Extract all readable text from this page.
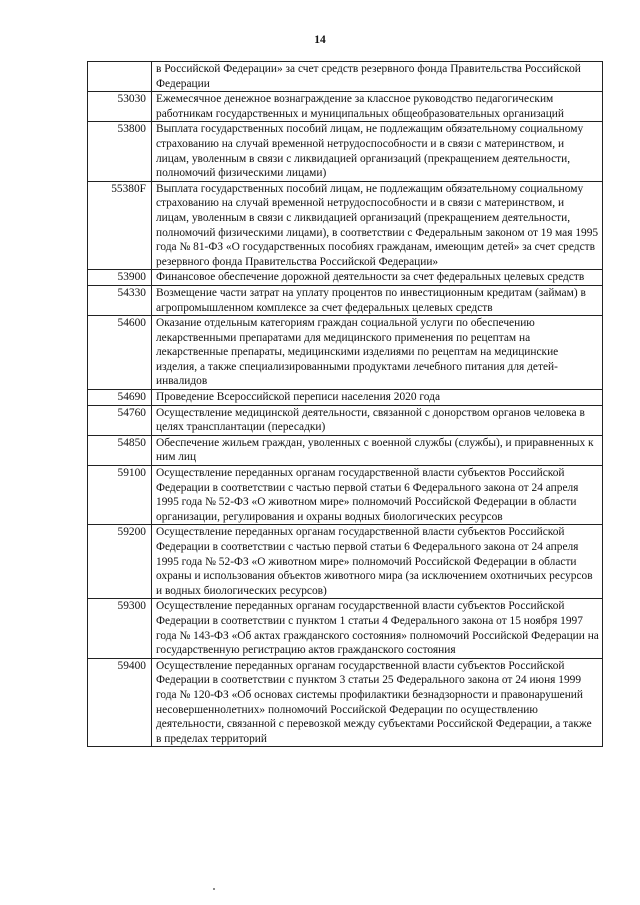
14
	в Российской Федерации» за счет средств резервного фонда Правительства Российской Федерации
53030	Ежемесячное денежное вознаграждение за классное руководство педагогическим работникам государственных и муниципальных общеобразовательных организаций
53800	Выплата государственных пособий лицам, не подлежащим обязательному социальному страхованию на случай временной нетрудоспособности и в связи с материнством, и лицам, уволенным в связи с ликвидацией организаций (прекращением деятельности, полномочий физическими лицами)
55380F	Выплата государственных пособий лицам, не подлежащим обязательному социальному страхованию на случай временной нетрудоспособности и в связи с материнством, и лицам, уволенным в связи с ликвидацией организаций (прекращением деятельности, полномочий физическими лицами), в соответствии с Федеральным законом от 19 мая 1995 года № 81-ФЗ «О государственных пособиях гражданам, имеющим детей» за счет средств резервного фонда Правительства Российской Федерации»
53900	Финансовое обеспечение дорожной деятельности за счет федеральных целевых средств
54330	Возмещение части затрат на уплату процентов по инвестиционным кредитам (займам) в агропромышленном комплексе за счет федеральных целевых средств
54600	Оказание отдельным категориям граждан социальной услуги по обеспечению лекарственными препаратами для медицинского применения по рецептам на лекарственные препараты, медицинскими изделиями по рецептам на медицинские изделия, а также специализированными продуктами лечебного питания для детей-инвалидов
54690	Проведение Всероссийской переписи населения 2020 года
54760	Осуществление медицинской деятельности, связанной с донорством органов человека в целях трансплантации (пересадки)
54850	Обеспечение жильем граждан, уволенных с военной службы (службы), и приравненных к ним лиц
59100	Осуществление переданных органам государственной власти субъектов Российской Федерации в соответствии с частью первой статьи 6 Федерального закона от 24 апреля 1995 года № 52-ФЗ «О животном мире» полномочий Российской Федерации в области организации, регулирования и охраны водных биологических ресурсов
59200	Осуществление переданных органам государственной власти субъектов Российской Федерации в соответствии с частью первой статьи 6 Федерального закона от 24 апреля 1995 года № 52-ФЗ «О животном мире» полномочий Российской Федерации в области охраны и использования объектов животного мира (за исключением охотничьих ресурсов и водных биологических ресурсов)
59300	Осуществление переданных органам государственной власти субъектов Российской Федерации в соответствии с пунктом 1 статьи 4 Федерального закона от 15 ноября 1997 года № 143-ФЗ «Об актах гражданского состояния» полномочий Российской Федерации на государственную регистрацию актов гражданского состояния
59400	Осуществление переданных органам государственной власти субъектов Российской Федерации в соответствии с пунктом 3 статьи 25 Федерального закона от 24 июня 1999 года № 120-ФЗ «Об основах системы профилактики безнадзорности и правонарушений несовершеннолетних» полномочий Российской Федерации по осуществлению деятельности, связанной с перевозкой между субъектами Российской Федерации, а также в пределах территорий
